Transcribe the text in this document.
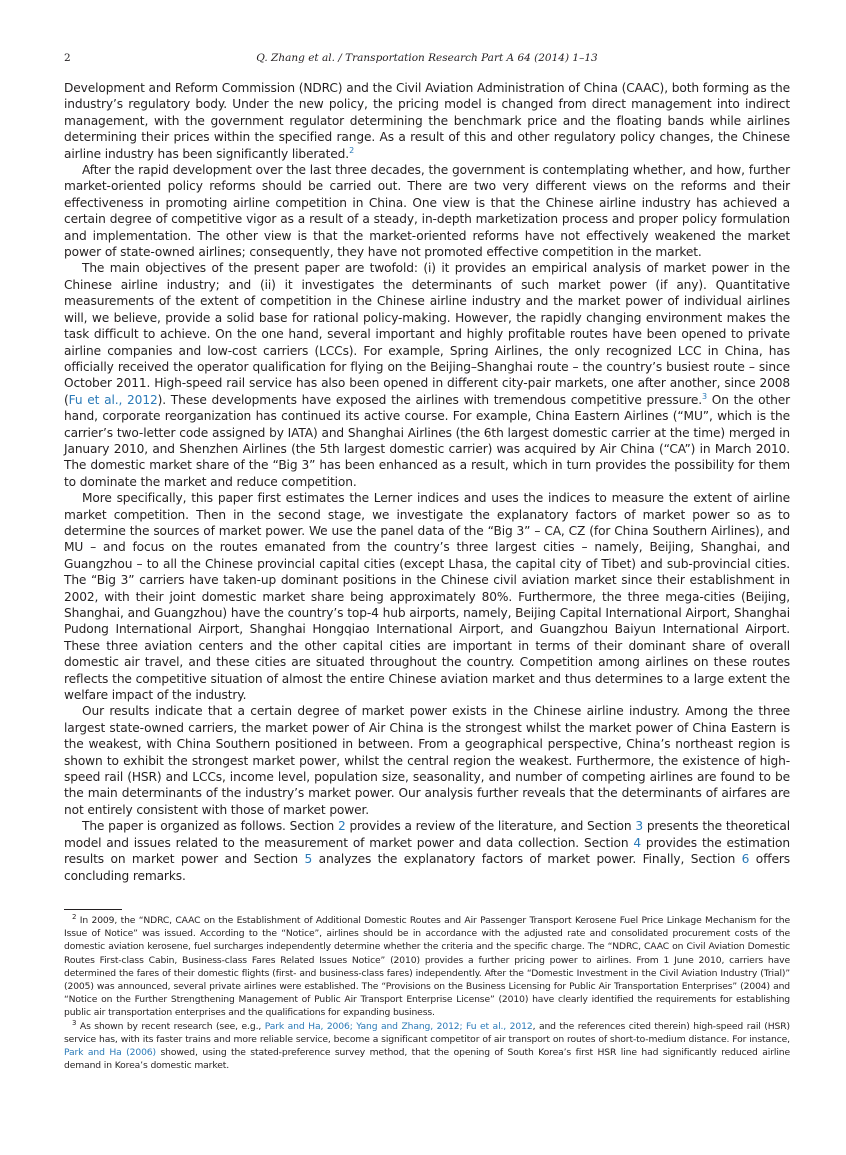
2	Q. Zhang et al. / Transportation Research Part A 64 (2014) 1–13

Development and Reform Commission (NDRC) and the Civil Aviation Administration of China (CAAC), both forming as the industry’s regulatory body. Under the new policy, the pricing model is changed from direct management into indirect management, with the government regulator determining the benchmark price and the floating bands while airlines determining their prices within the specified range. As a result of this and other regulatory policy changes, the Chinese airline industry has been significantly liberated.$^2$

After the rapid development over the last three decades, the government is contemplating whether, and how, further market-oriented policy reforms should be carried out. There are two very different views on the reforms and their effectiveness in promoting airline competition in China. One view is that the Chinese airline industry has achieved a certain degree of competitive vigor as a result of a steady, in-depth marketization process and proper policy formulation and implementation. The other view is that the market-oriented reforms have not effectively weakened the market power of state-owned airlines; consequently, they have not promoted effective competition in the market.

The main objectives of the present paper are twofold: (i) it provides an empirical analysis of market power in the Chinese airline industry; and (ii) it investigates the determinants of such market power (if any). Quantitative measurements of the extent of competition in the Chinese airline industry and the market power of individual airlines will, we believe, provide a solid base for rational policy-making. However, the rapidly changing environment makes the task difficult to achieve. On the one hand, several important and highly profitable routes have been opened to private airline companies and low-cost carriers (LCCs). For example, Spring Airlines, the only recognized LCC in China, has officially received the operator qualification for flying on the Beijing–Shanghai route – the country’s busiest route – since October 2011. High-speed rail service has also been opened in different city-pair markets, one after another, since 2008 (Fu et al., 2012). These developments have exposed the airlines with tremendous competitive pressure.$^3$ On the other hand, corporate reorganization has continued its active course. For example, China Eastern Airlines (“MU”, which is the carrier’s two-letter code assigned by IATA) and Shanghai Airlines (the 6th largest domestic carrier at the time) merged in January 2010, and Shenzhen Airlines (the 5th largest domestic carrier) was acquired by Air China (“CA”) in March 2010. The domestic market share of the “Big 3” has been enhanced as a result, which in turn provides the possibility for them to dominate the market and reduce competition.

More specifically, this paper first estimates the Lerner indices and uses the indices to measure the extent of airline market competition. Then in the second stage, we investigate the explanatory factors of market power so as to determine the sources of market power. We use the panel data of the “Big 3” – CA, CZ (for China Southern Airlines), and MU – and focus on the routes emanated from the country’s three largest cities – namely, Beijing, Shanghai, and Guangzhou – to all the Chinese provincial capital cities (except Lhasa, the capital city of Tibet) and sub-provincial cities. The “Big 3” carriers have taken-up dominant positions in the Chinese civil aviation market since their establishment in 2002, with their joint domestic market share being approximately 80%. Furthermore, the three mega-cities (Beijing, Shanghai, and Guangzhou) have the country’s top-4 hub airports, namely, Beijing Capital International Airport, Shanghai Pudong International Airport, Shanghai Hongqiao International Airport, and Guangzhou Baiyun International Airport. These three aviation centers and the other capital cities are important in terms of their dominant share of overall domestic air travel, and these cities are situated throughout the country. Competition among airlines on these routes reflects the competitive situation of almost the entire Chinese aviation market and thus determines to a large extent the welfare impact of the industry.

Our results indicate that a certain degree of market power exists in the Chinese airline industry. Among the three largest state-owned carriers, the market power of Air China is the strongest whilst the market power of China Eastern is the weakest, with China Southern positioned in between. From a geographical perspective, China’s northeast region is shown to exhibit the strongest market power, whilst the central region the weakest. Furthermore, the existence of high-speed rail (HSR) and LCCs, income level, population size, seasonality, and number of competing airlines are found to be the main determinants of the industry’s market power. Our analysis further reveals that the determinants of airfares are not entirely consistent with those of market power.

The paper is organized as follows. Section 2 provides a review of the literature, and Section 3 presents the theoretical model and issues related to the measurement of market power and data collection. Section 4 provides the estimation results on market power and Section 5 analyzes the explanatory factors of market power. Finally, Section 6 offers concluding remarks.

$^2$ In 2009, the “NDRC, CAAC on the Establishment of Additional Domestic Routes and Air Passenger Transport Kerosene Fuel Price Linkage Mechanism for the Issue of Notice” was issued. According to the “Notice”, airlines should be in accordance with the adjusted rate and consolidated procurement costs of the domestic aviation kerosene, fuel surcharges independently determine whether the criteria and the specific charge. The “NDRC, CAAC on Civil Aviation Domestic Routes First-class Cabin, Business-class Fares Related Issues Notice” (2010) provides a further pricing power to airlines. From 1 June 2010, carriers have determined the fares of their domestic flights (first- and business-class fares) independently. After the “Domestic Investment in the Civil Aviation Industry (Trial)” (2005) was announced, several private airlines were established. The “Provisions on the Business Licensing for Public Air Transportation Enterprises” (2004) and “Notice on the Further Strengthening Management of Public Air Transport Enterprise License” (2010) have clearly identified the requirements for establishing public air transportation enterprises and the qualifications for expanding business.

$^3$ As shown by recent research (see, e.g., Park and Ha, 2006; Yang and Zhang, 2012; Fu et al., 2012, and the references cited therein) high-speed rail (HSR) service has, with its faster trains and more reliable service, become a significant competitor of air transport on routes of short-to-medium distance. For instance, Park and Ha (2006) showed, using the stated-preference survey method, that the opening of South Korea’s first HSR line had significantly reduced airline demand in Korea’s domestic market.
